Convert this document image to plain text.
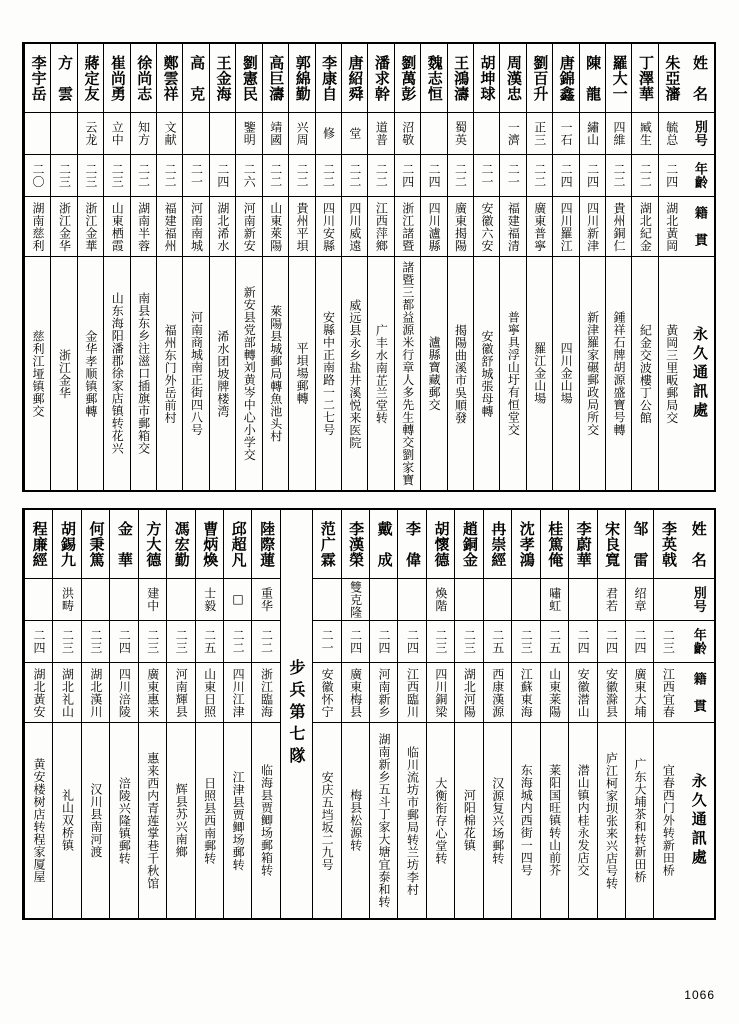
姓　名
別号
年齡
籍　貫
永久通訊處
朱亞瀋
毓总
二四
湖北黃岡
黃岡三里畈郵局交
丁澤華
臧生
二二
湖北紀金
紀金交波樓丁公館
羅大一
四維
二二
貴州銅仁
鍾祥石牌胡源盛寶号轉
陳　龍
繡山
二四
四川新津
新津羅家碾郵政局所交
唐錦鑫
一石
二四
四川羅江
四川金山場
劉百升
正三
二二
廣東普寧
羅江金山場
周漢忠
一濟
二一
福建福清
普寧具浮山圩有恒堂交
胡坤球
二一
安徽六安
安徽舒城張母轉
王鴻濤
蜀英
二二
廣東揭陽
揭陽曲溪市吳順發
魏志恒
二四
四川瀘縣
瀘縣寶藏郵交
劉萬彭
沼敬
二四
浙江諸暨
諸暨三都益源米行章人多先生轉交劉家寶
潘求幹
道普
二二
江西萍鄉
广丰水南芷兰堂转
唐紹舜
堂
二二
四川威遠
威远县永乡盐井溪悦来医院
李康自
修
二二
四川安縣
安縣中正南路一二七号
郭綿勤
兴周
二二
貴州平垻
平垻場郵轉
高巨濤
靖國
二二
山東萊陽
萊陽县城郵局轉魚池头村
劉憲民
鑒明
二六
河南新安
新安县党部轉刘黄岑中心小学交
王金海
二四
湖北浠水
浠水团坡牌楼湾
高　克
二一
河南南城
河南商城南正街四八号
鄭雲祥
文献
二二
福建福州
福州东门外岳前村
徐尚志
知方
二二
湖南半蓉
南县东乡注滋口插旗市郵箱交
崔尚勇
立中
二三
山東栖霞
山东海阳潘郡徐家店镇转花兴
蔣定友
云龙
二三
浙江金華
金华孝顺镇郵轉
方　雲
二三
浙江金华
浙江金华
李宇岳
二〇
湖南慈利
慈利江垭镇郵交
姓　名
別号
年齡
籍　貫
永久通訊處
李英戟
二三
江西宜春
宜春西门外转新田桥
邹　雷
绍章
二四
廣東大埔
广东大埔茶和转新田桥
宋良寬
君若
二四
安徽滁县
庐江柯家坝张来兴店号转
李蔚華
二四
安徽潜山
潜山镇内桂永发店交
桂篤俺
嘯虹
二五
山東莱陽
莱阳国旺镇转山前芥
沈孝鴻
二三
江蘇東海
东海城内西街一四号
冉崇經
二五
西康漢源
汉源复兴场郵转
趙銅金
二三
湖北河陽
河阳棉花镇
胡懷德
煥階
二三
四川銅梁
大衡衔存心堂转
李　偉
二四
江西臨川
临川流坊市郵局转兰坊李村
戴　成
二四
河南新乡
湖南新乡五斗丁家大塘宜泰和转
李漢榮
雙克隆
二四
廣東梅县
梅县松源转
范广霖
二一
安徽怀宁
安庆五垱坂二九号
步兵第七隊
陸際蓮
重华
二二
浙江臨海
临海县贾鲫场郵箱转
邱超凡
□
二二
四川江津
江津县贾鲫场郵转
曹炳煥
士毅
二五
山東日照
日照县西南郵转
馮宏勤
二三
河南輝县
辉县苏兴南鄉
方大德
建中
二三
廣東惠来
惠来西内青莲掌巷千秋馆
金　華
二四
四川涪陵
涪陵兴隆镇郵转
何秉篤
二三
湖北漢川
汉川县南河渡
胡錫九
洪畴
二三
湖北礼山
礼山双桥镇
程廉經
二四
湖北黃安
黄安楼树店转程家厦屋
1066
